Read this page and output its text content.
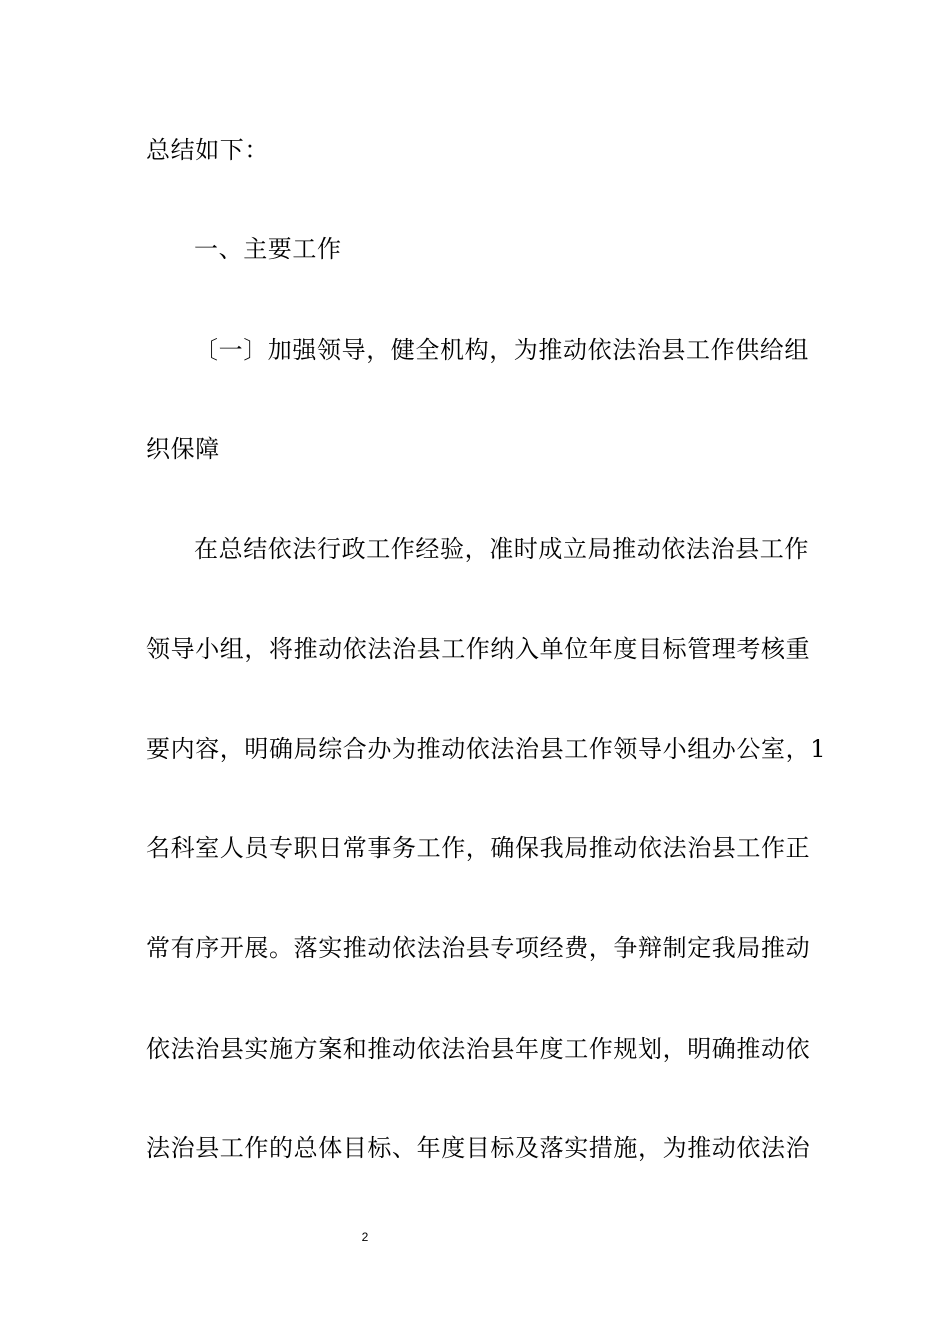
总结如下：
一、主要工作
〔一〕加强领导，健全机构，为推动依法治县工作供给组
织保障
在总结依法行政工作经验，准时成立局推动依法治县工作
领导小组，将推动依法治县工作纳入单位年度目标管理考核重
要内容，明确局综合办为推动依法治县工作领导小组办公室，1
名科室人员专职日常事务工作，确保我局推动依法治县工作正
常有序开展。落实推动依法治县专项经费，争辩制定我局推动
依法治县实施方案和推动依法治县年度工作规划，明确推动依
法治县工作的总体目标、年度目标及落实措施，为推动依法治
2
